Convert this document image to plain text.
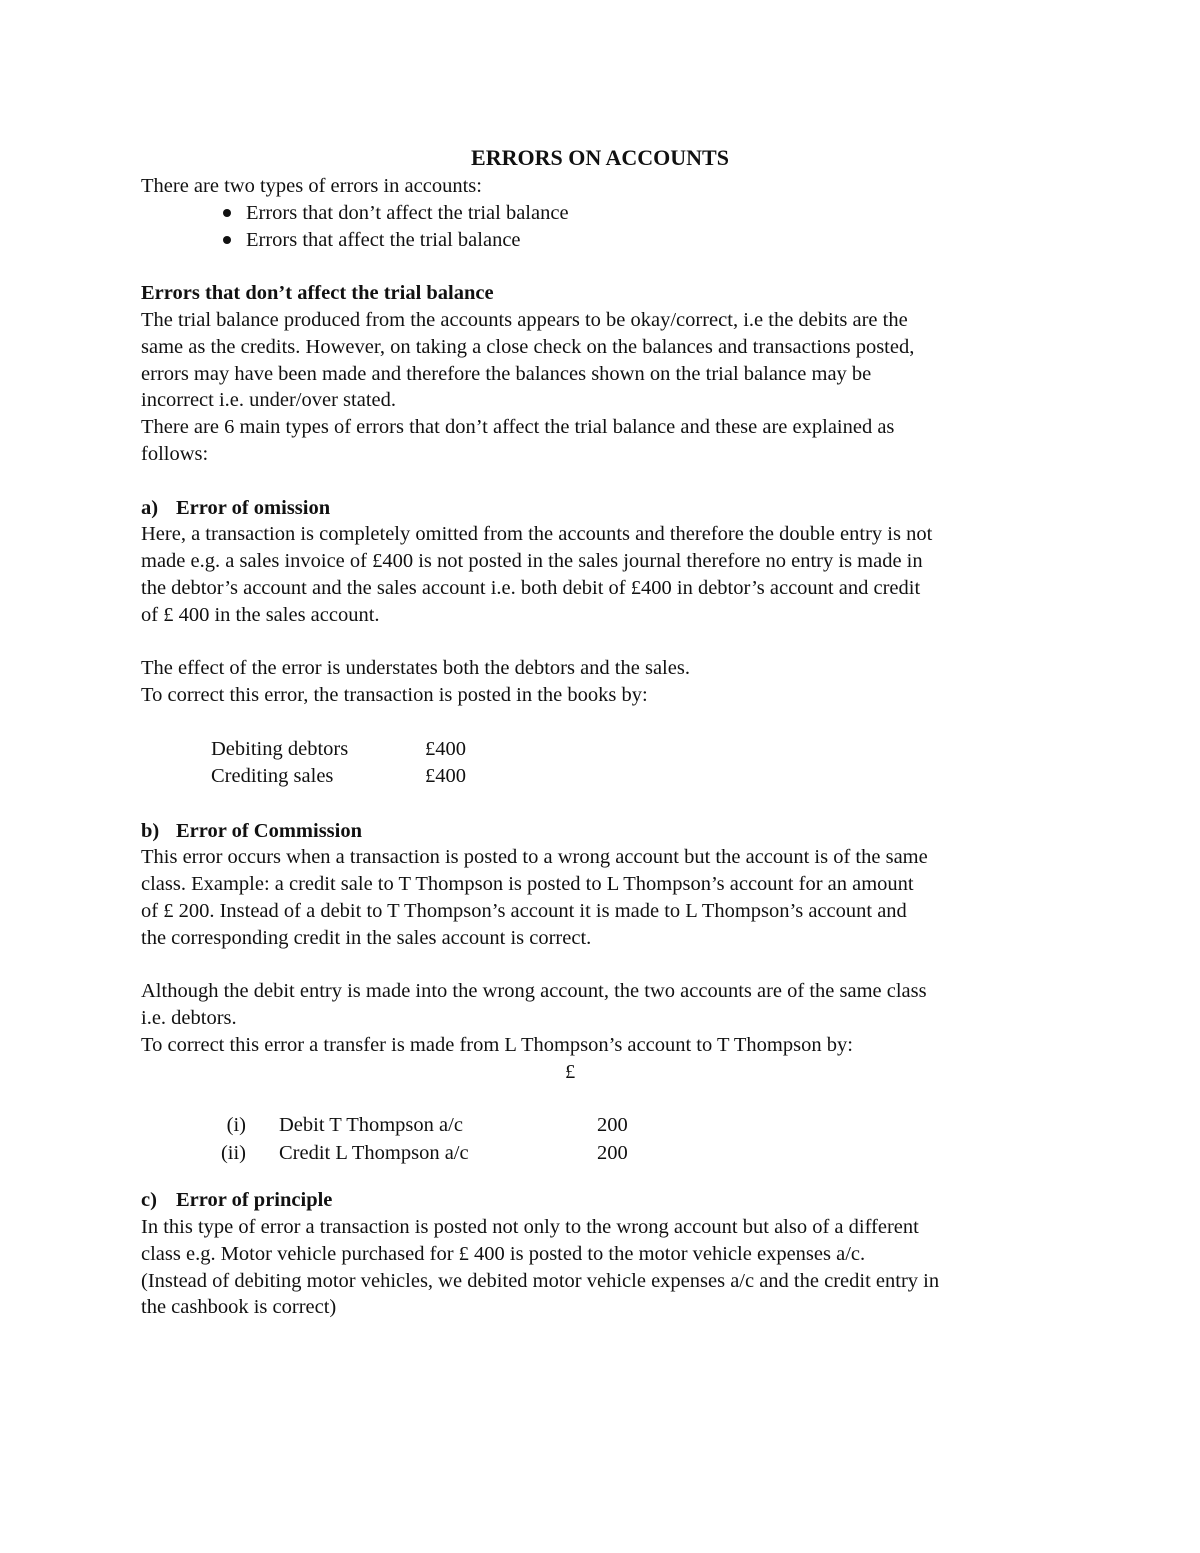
ERRORS ON ACCOUNTS

There are two types of errors in accounts:

Errors that don’t affect the trial balance
Errors that affect the trial balance

Errors that don’t affect the trial balance

The trial balance produced from the accounts appears to be okay/correct, i.e the debits are the

same as the credits. However, on taking a close check on the balances and transactions posted,

errors may have been made and therefore the balances shown on the trial balance may be

incorrect i.e. under/over stated.

There are 6 main types of errors that don’t affect the trial balance and these are explained as

follows:

a) Error of omission

Here, a transaction is completely omitted from the accounts and therefore the double entry is not

made e.g. a sales invoice of £400 is not posted in the sales journal therefore no entry is made in

the debtor’s account and the sales account i.e. both debit of £400 in debtor’s account and credit

of £ 400 in the sales account.

The effect of the error is understates both the debtors and the sales.

To correct this error, the transaction is posted in the books by:

Debiting debtors	£400
Crediting sales	£400

b) Error of Commission

This error occurs when a transaction is posted to a wrong account but the account is of the same

class. Example: a credit sale to T Thompson is posted to L Thompson’s account for an amount

of £ 200. Instead of a debit to T Thompson’s account it is made to L Thompson’s account and

the corresponding credit in the sales account is correct.

Although the debit entry is made into the wrong account, the two accounts are of the same class

i.e. debtors.

To correct this error a transfer is made from L Thompson’s account to T Thompson by:

£

(i)	Debit T Thompson a/c	200
(ii)	Credit L Thompson a/c	200

c) Error of principle

In this type of error a transaction is posted not only to the wrong account but also of a different

class e.g. Motor vehicle purchased for £ 400 is posted to the motor vehicle expenses a/c.

(Instead of debiting motor vehicles, we debited motor vehicle expenses a/c and the credit entry in

the cashbook is correct)
